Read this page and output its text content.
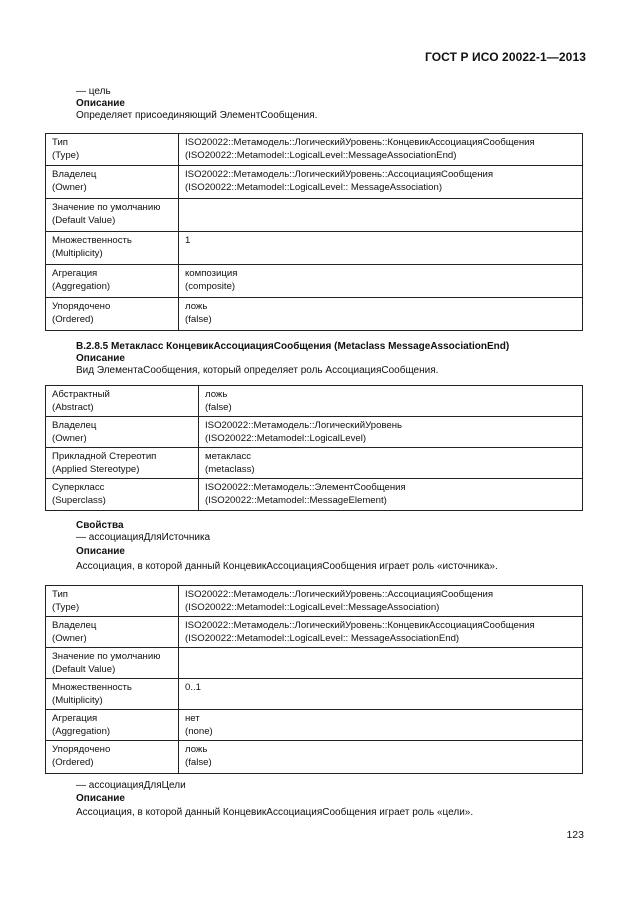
ГОСТ Р ИСО 20022-1—2013
— цель
Описание
Определяет присоединяющий ЭлементСообщения.
Тип
(Type)	ISO20022::Метамодель::ЛогическийУровень::КонцевикАссоциацияСообщения
(ISO20022::Metamodel::LogicalLevel::MessageAssociationEnd)

Владелец
(Owner)	ISO20022::Метамодель::ЛогическийУровень::АссоциацияСообщения
(ISO20022::Metamodel::LogicalLevel:: MessageAssociation)

Значение по умолчанию
(Default Value)	

Множественность
(Multiplicity)	1

Агрегация
(Aggregation)	композиция
(composite)

Упорядочено
(Ordered)	ложь
(false)
B.2.8.5 Метакласс КонцевикАссоциацияСообщения (Metaclass MessageAssociationEnd)
Описание
Вид ЭлементаСообщения, который определяет роль АссоциацияСообщения.
Абстрактный
(Abstract)	ложь
(false)

Владелец
(Owner)	ISO20022::Метамодель::ЛогическийУровень
(ISO20022::Metamodel::LogicalLevel)

Прикладной Стереотип
(Applied Stereotype)	метакласс
(metaclass)

Суперкласс
(Superclass)	ISO20022::Метамодель::ЭлементСообщения
(ISO20022::Metamodel::MessageElement)
Свойства
— ассоциацияДляИсточника
Описание
Ассоциация, в которой данный КонцевикАссоциацияСообщения играет роль «источника».
Тип
(Type)	ISO20022::Метамодель::ЛогическийУровень::АссоциацияСообщения
(ISO20022::Metamodel::LogicalLevel::MessageAssociation)

Владелец
(Owner)	ISO20022::Метамодель::ЛогическийУровень::КонцевикАссоциацияСообщения
(ISO20022::Metamodel::LogicalLevel:: MessageAssociationEnd)

Значение по умолчанию
(Default Value)	

Множественность
(Multiplicity)	0..1

Агрегация
(Aggregation)	нет
(none)

Упорядочено
(Ordered)	ложь
(false)
— ассоциацияДляЦели
Описание
Ассоциация, в которой данный КонцевикАссоциацияСообщения играет роль «цели».
123
